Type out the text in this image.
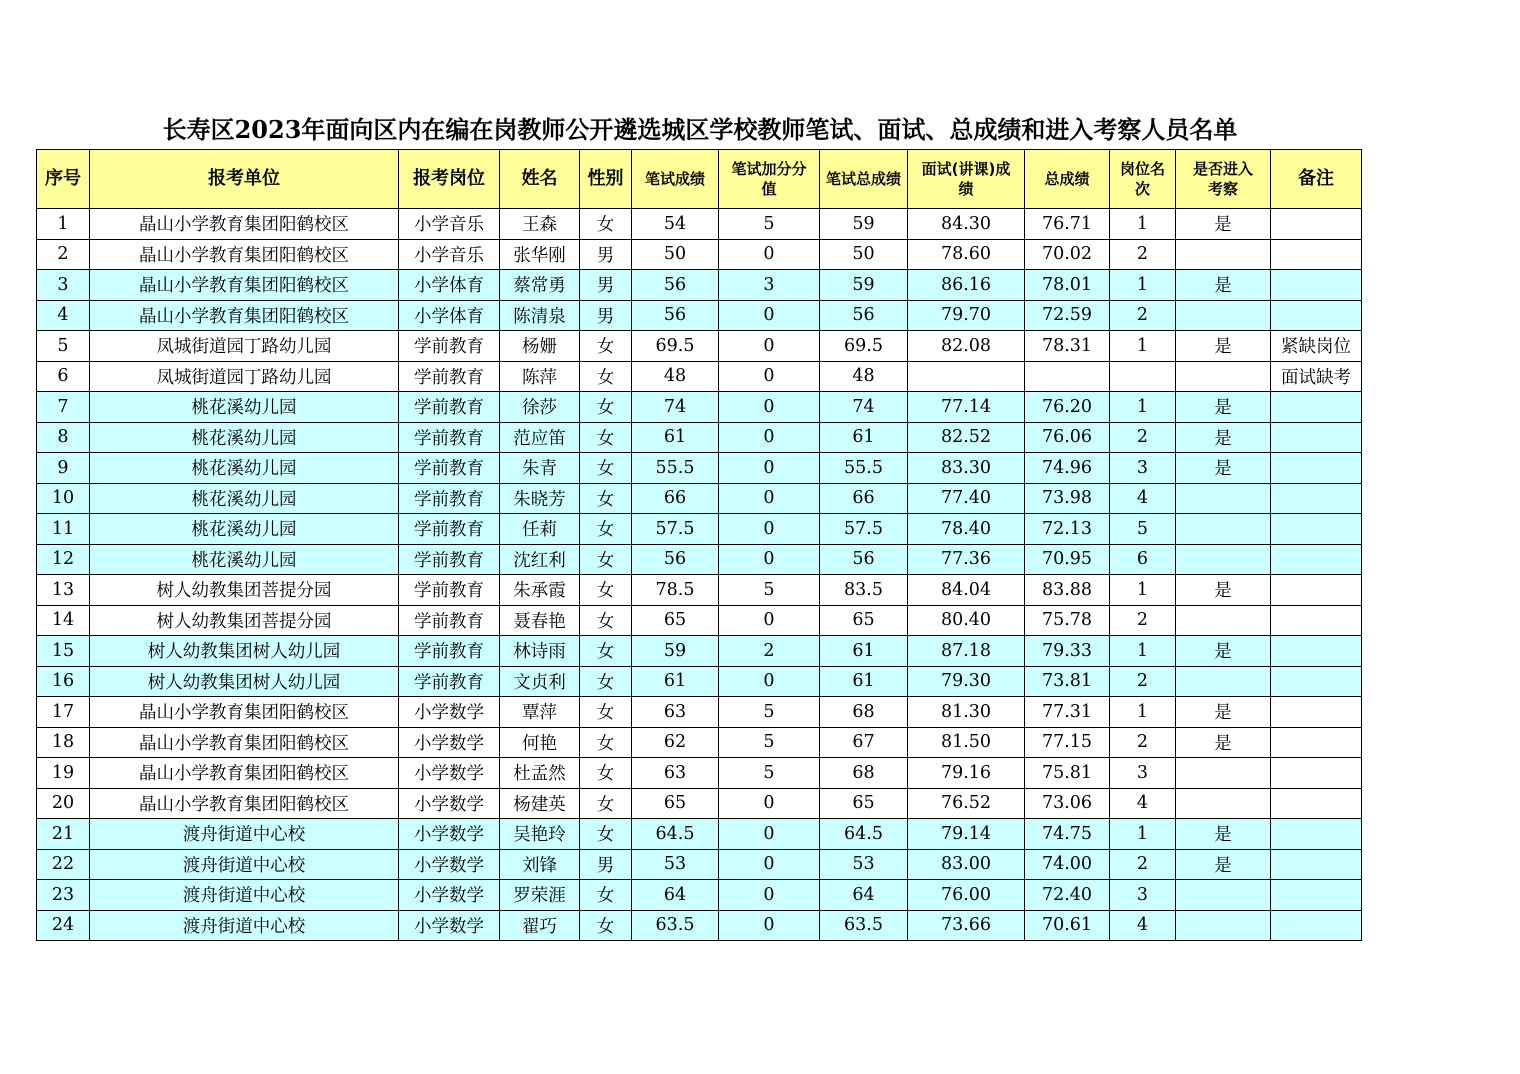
长寿区2023年面向区内在编在岗教师公开遴选城区学校教师笔试、面试、总成绩和进入考察人员名单
序号	报考单位	报考岗位	姓名	性别	笔试成绩	笔试加分分值	笔试总成绩	面试(讲课)成绩	总成绩	岗位名次	是否进入考察	备注
1	晶山小学教育集团阳鹤校区	小学音乐	王森	女	54	5	59	84.30	76.71	1	是	
2	晶山小学教育集团阳鹤校区	小学音乐	张华刚	男	50	0	50	78.60	70.02	2		
3	晶山小学教育集团阳鹤校区	小学体育	蔡常勇	男	56	3	59	86.16	78.01	1	是	
4	晶山小学教育集团阳鹤校区	小学体育	陈清泉	男	56	0	56	79.70	72.59	2		
5	凤城街道园丁路幼儿园	学前教育	杨姗	女	69.5	0	69.5	82.08	78.31	1	是	紧缺岗位
6	凤城街道园丁路幼儿园	学前教育	陈萍	女	48	0	48					面试缺考
7	桃花溪幼儿园	学前教育	徐莎	女	74	0	74	77.14	76.20	1	是	
8	桃花溪幼儿园	学前教育	范应笛	女	61	0	61	82.52	76.06	2	是	
9	桃花溪幼儿园	学前教育	朱青	女	55.5	0	55.5	83.30	74.96	3	是	
10	桃花溪幼儿园	学前教育	朱晓芳	女	66	0	66	77.40	73.98	4		
11	桃花溪幼儿园	学前教育	任莉	女	57.5	0	57.5	78.40	72.13	5		
12	桃花溪幼儿园	学前教育	沈红利	女	56	0	56	77.36	70.95	6		
13	树人幼教集团菩提分园	学前教育	朱承霞	女	78.5	5	83.5	84.04	83.88	1	是	
14	树人幼教集团菩提分园	学前教育	聂春艳	女	65	0	65	80.40	75.78	2		
15	树人幼教集团树人幼儿园	学前教育	林诗雨	女	59	2	61	87.18	79.33	1	是	
16	树人幼教集团树人幼儿园	学前教育	文贞利	女	61	0	61	79.30	73.81	2		
17	晶山小学教育集团阳鹤校区	小学数学	覃萍	女	63	5	68	81.30	77.31	1	是	
18	晶山小学教育集团阳鹤校区	小学数学	何艳	女	62	5	67	81.50	77.15	2	是	
19	晶山小学教育集团阳鹤校区	小学数学	杜孟然	女	63	5	68	79.16	75.81	3		
20	晶山小学教育集团阳鹤校区	小学数学	杨建英	女	65	0	65	76.52	73.06	4		
21	渡舟街道中心校	小学数学	吴艳玲	女	64.5	0	64.5	79.14	74.75	1	是	
22	渡舟街道中心校	小学数学	刘锋	男	53	0	53	83.00	74.00	2	是	
23	渡舟街道中心校	小学数学	罗荣涯	女	64	0	64	76.00	72.40	3		
24	渡舟街道中心校	小学数学	翟巧	女	63.5	0	63.5	73.66	70.61	4		
